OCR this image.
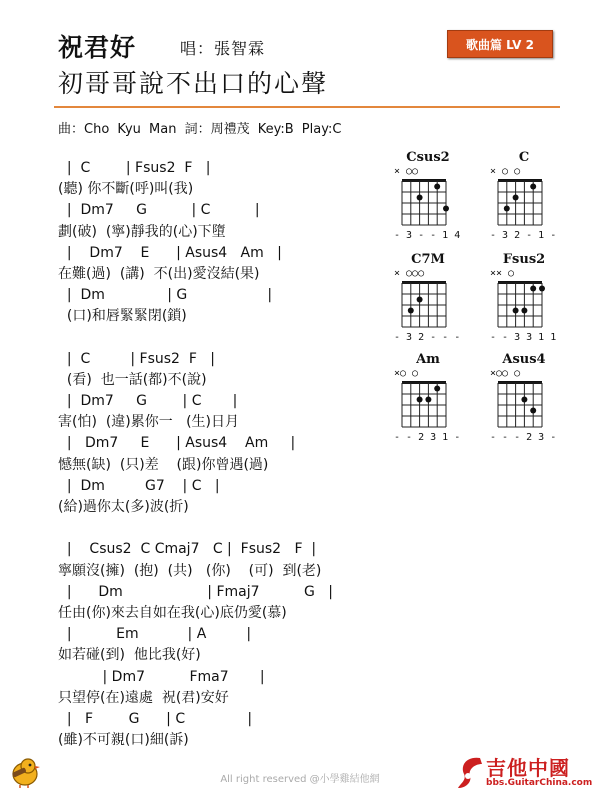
祝君好	唱：張智霖	歌曲篇 LV 2
初哥哥說不出口的心聲
曲：Cho Kyu Man 詞：周禮茂 Key:B Play:C
|  C        | Fsus2  F   |
(聽) 你不斷(呼)叫(我)
|  Dm7     G          | C          |
劃(破)  (寧)靜我的(心)下墮
|    Dm7    E      | Asus4   Am   |
在難(過)  (講)  不(出)愛沒結(果)
|  Dm              | G                  |
(口)和唇緊緊閉(鎖)
|  C         | Fsus2  F   |
(看)  也一話(都)不(說)
|  Dm7     G        | C       |
害(怕)  (違)累你一   (生)日月
|   Dm7     E      | Asus4    Am     |
憾無(缺)  (只)差    (跟)你曾遇(過)
|  Dm         G7    | C   |
(給)過你太(多)波(折)
|    Csus2  C Cmaj7   C |  Fsus2   F  |
寧願沒(擁)  (抱)  (共)   (你)    (可)  到(老)
|      Dm                   | Fmaj7          G   |
任由(你)來去自如在我(心)底仍愛(慕)
|          Em           | A         |
如若碰(到)  他比我(好)
| Dm7          Fma7       |
只望停(在)遠處  祝(君)安好
|   F        G      | C              |
(雖)不可親(口)細(訴)
Csus2
× ○○
- 3 - - 1 4
C
× ○ ○
- 3 2 - 1 -
C7M
× ○○○
- 3 2 - - -
Fsus2
×× ○
- - 3 3 1 1
Am
×○ ○
- - 2 3 1 -
Asus4
×○○ ○
- - - 2 3 -
All right reserved @小學雞結他網	吉他中國
bbs.GuitarChina.com
